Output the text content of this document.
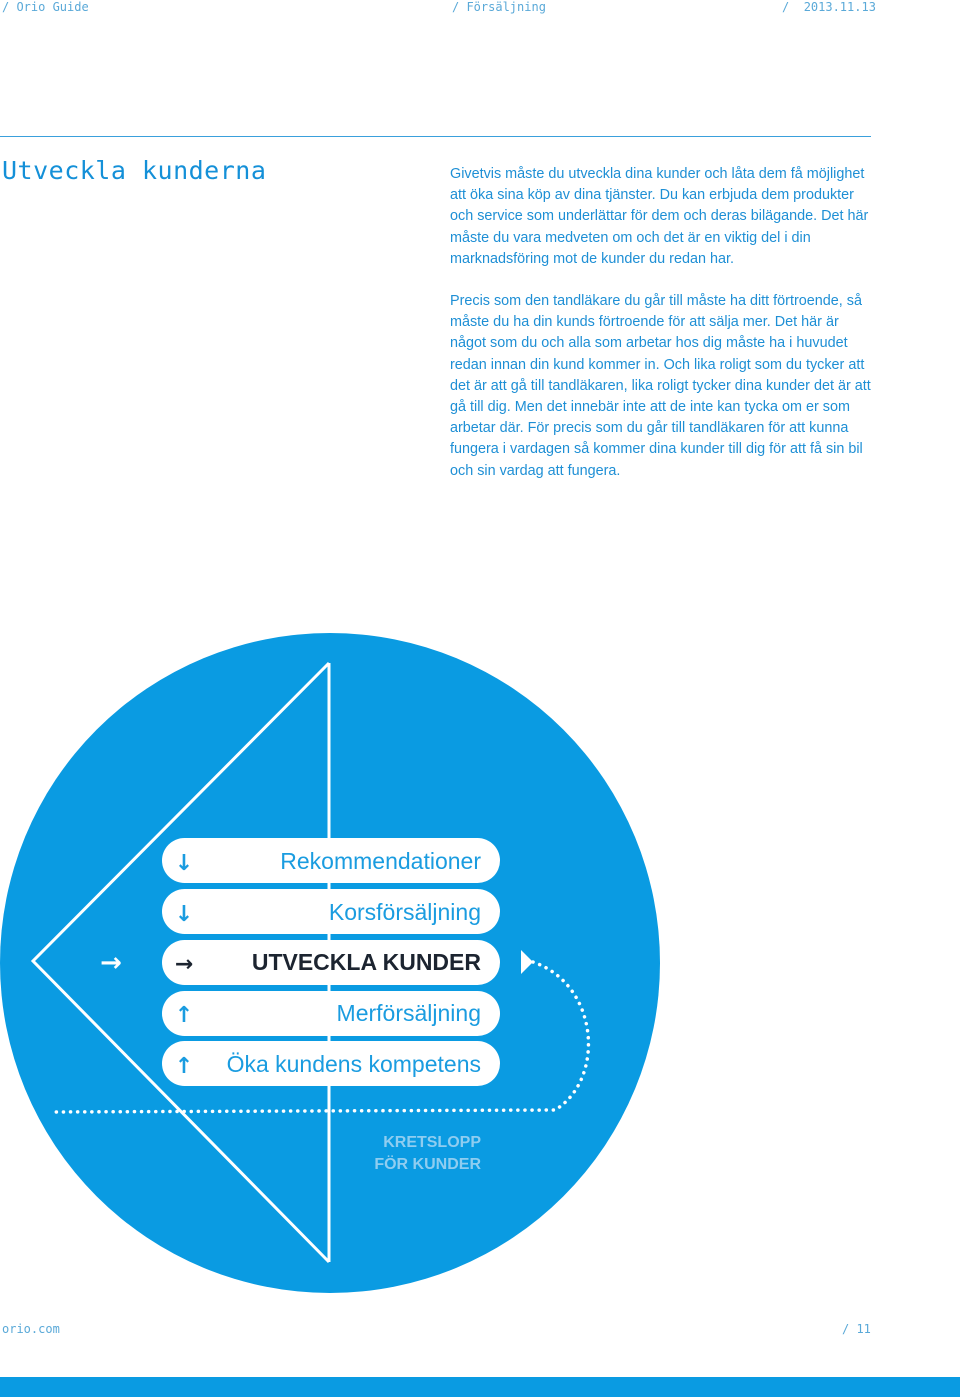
/ Orio Guide	/ Försäljning	/ 2013.11.13
Utveckla kunderna	Givetvis måste du utveckla dina kunder och låta dem få möjlighet att öka sina köp av dina tjänster. Du kan erbjuda dem produkter och service som underlättar för dem och deras bilägande. Det här måste du vara medveten om och det är en viktig del i din marknadsföring mot de kunder du redan har.

Precis som den tandläkare du går till måste ha ditt förtroende, så måste du ha din kunds förtroende för att sälja mer. Det här är något som du och alla som arbetar hos dig måste ha i huvudet redan innan din kund kommer in. Och lika roligt som du tycker att det är att gå till tandläkaren, lika roligt tycker dina kunder det är att gå till dig. Men det innebär inte att de inte kan tycka om er som arbetar där. För precis som du går till tandläkaren för att kunna fungera i vardagen så kommer dina kunder till dig för att få sin bil och sin vardag att fungera.

→
↓	Rekommendationer
↓	Korsförsäljning
→	UTVECKLA KUNDER
↑	Merförsäljning
↑ Öka kundens kompetens
KRETSLOPP
FÖR KUNDER
orio.com	/ 11
